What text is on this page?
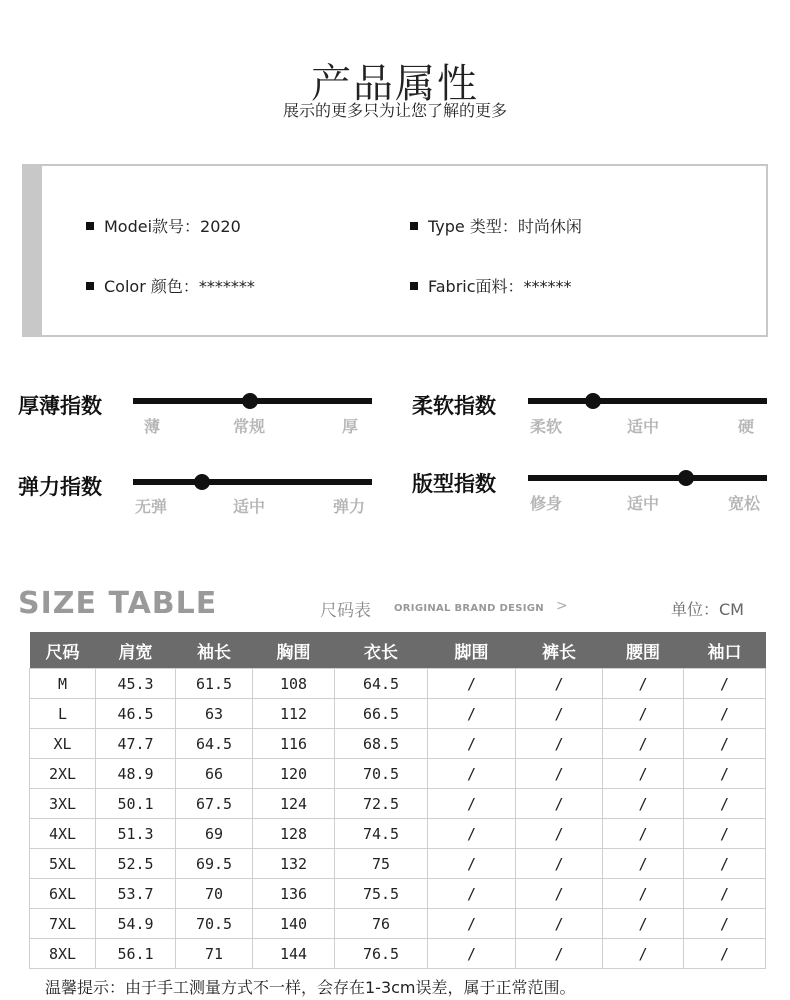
产品属性
展示的更多只为让您了解的更多
Modei款号：2020	Type 类型：时尚休闲
Color 颜色：*******	Fabric面料：******
厚薄指数
薄	常规	厚
柔软指数
柔软	适中	硬
弹力指数
无弹	适中	弹力
版型指数
修身	适中	宽松
SIZE TABLE	尺码表 ORIGINAL BRAND DESIGN >	单位：CM
尺码	肩宽	袖长	胸围	衣长	脚围	裤长	腰围	袖口
M	45.3	61.5	108	64.5	/	/	/	/
L	46.5	63	112	66.5	/	/	/	/
XL	47.7	64.5	116	68.5	/	/	/	/
2XL	48.9	66	120	70.5	/	/	/	/
3XL	50.1	67.5	124	72.5	/	/	/	/
4XL	51.3	69	128	74.5	/	/	/	/
5XL	52.5	69.5	132	75	/	/	/	/
6XL	53.7	70	136	75.5	/	/	/	/
7XL	54.9	70.5	140	76	/	/	/	/
8XL	56.1	71	144	76.5	/	/	/	/
温馨提示：由于手工测量方式不一样，会存在1-3cm误差，属于正常范围。
